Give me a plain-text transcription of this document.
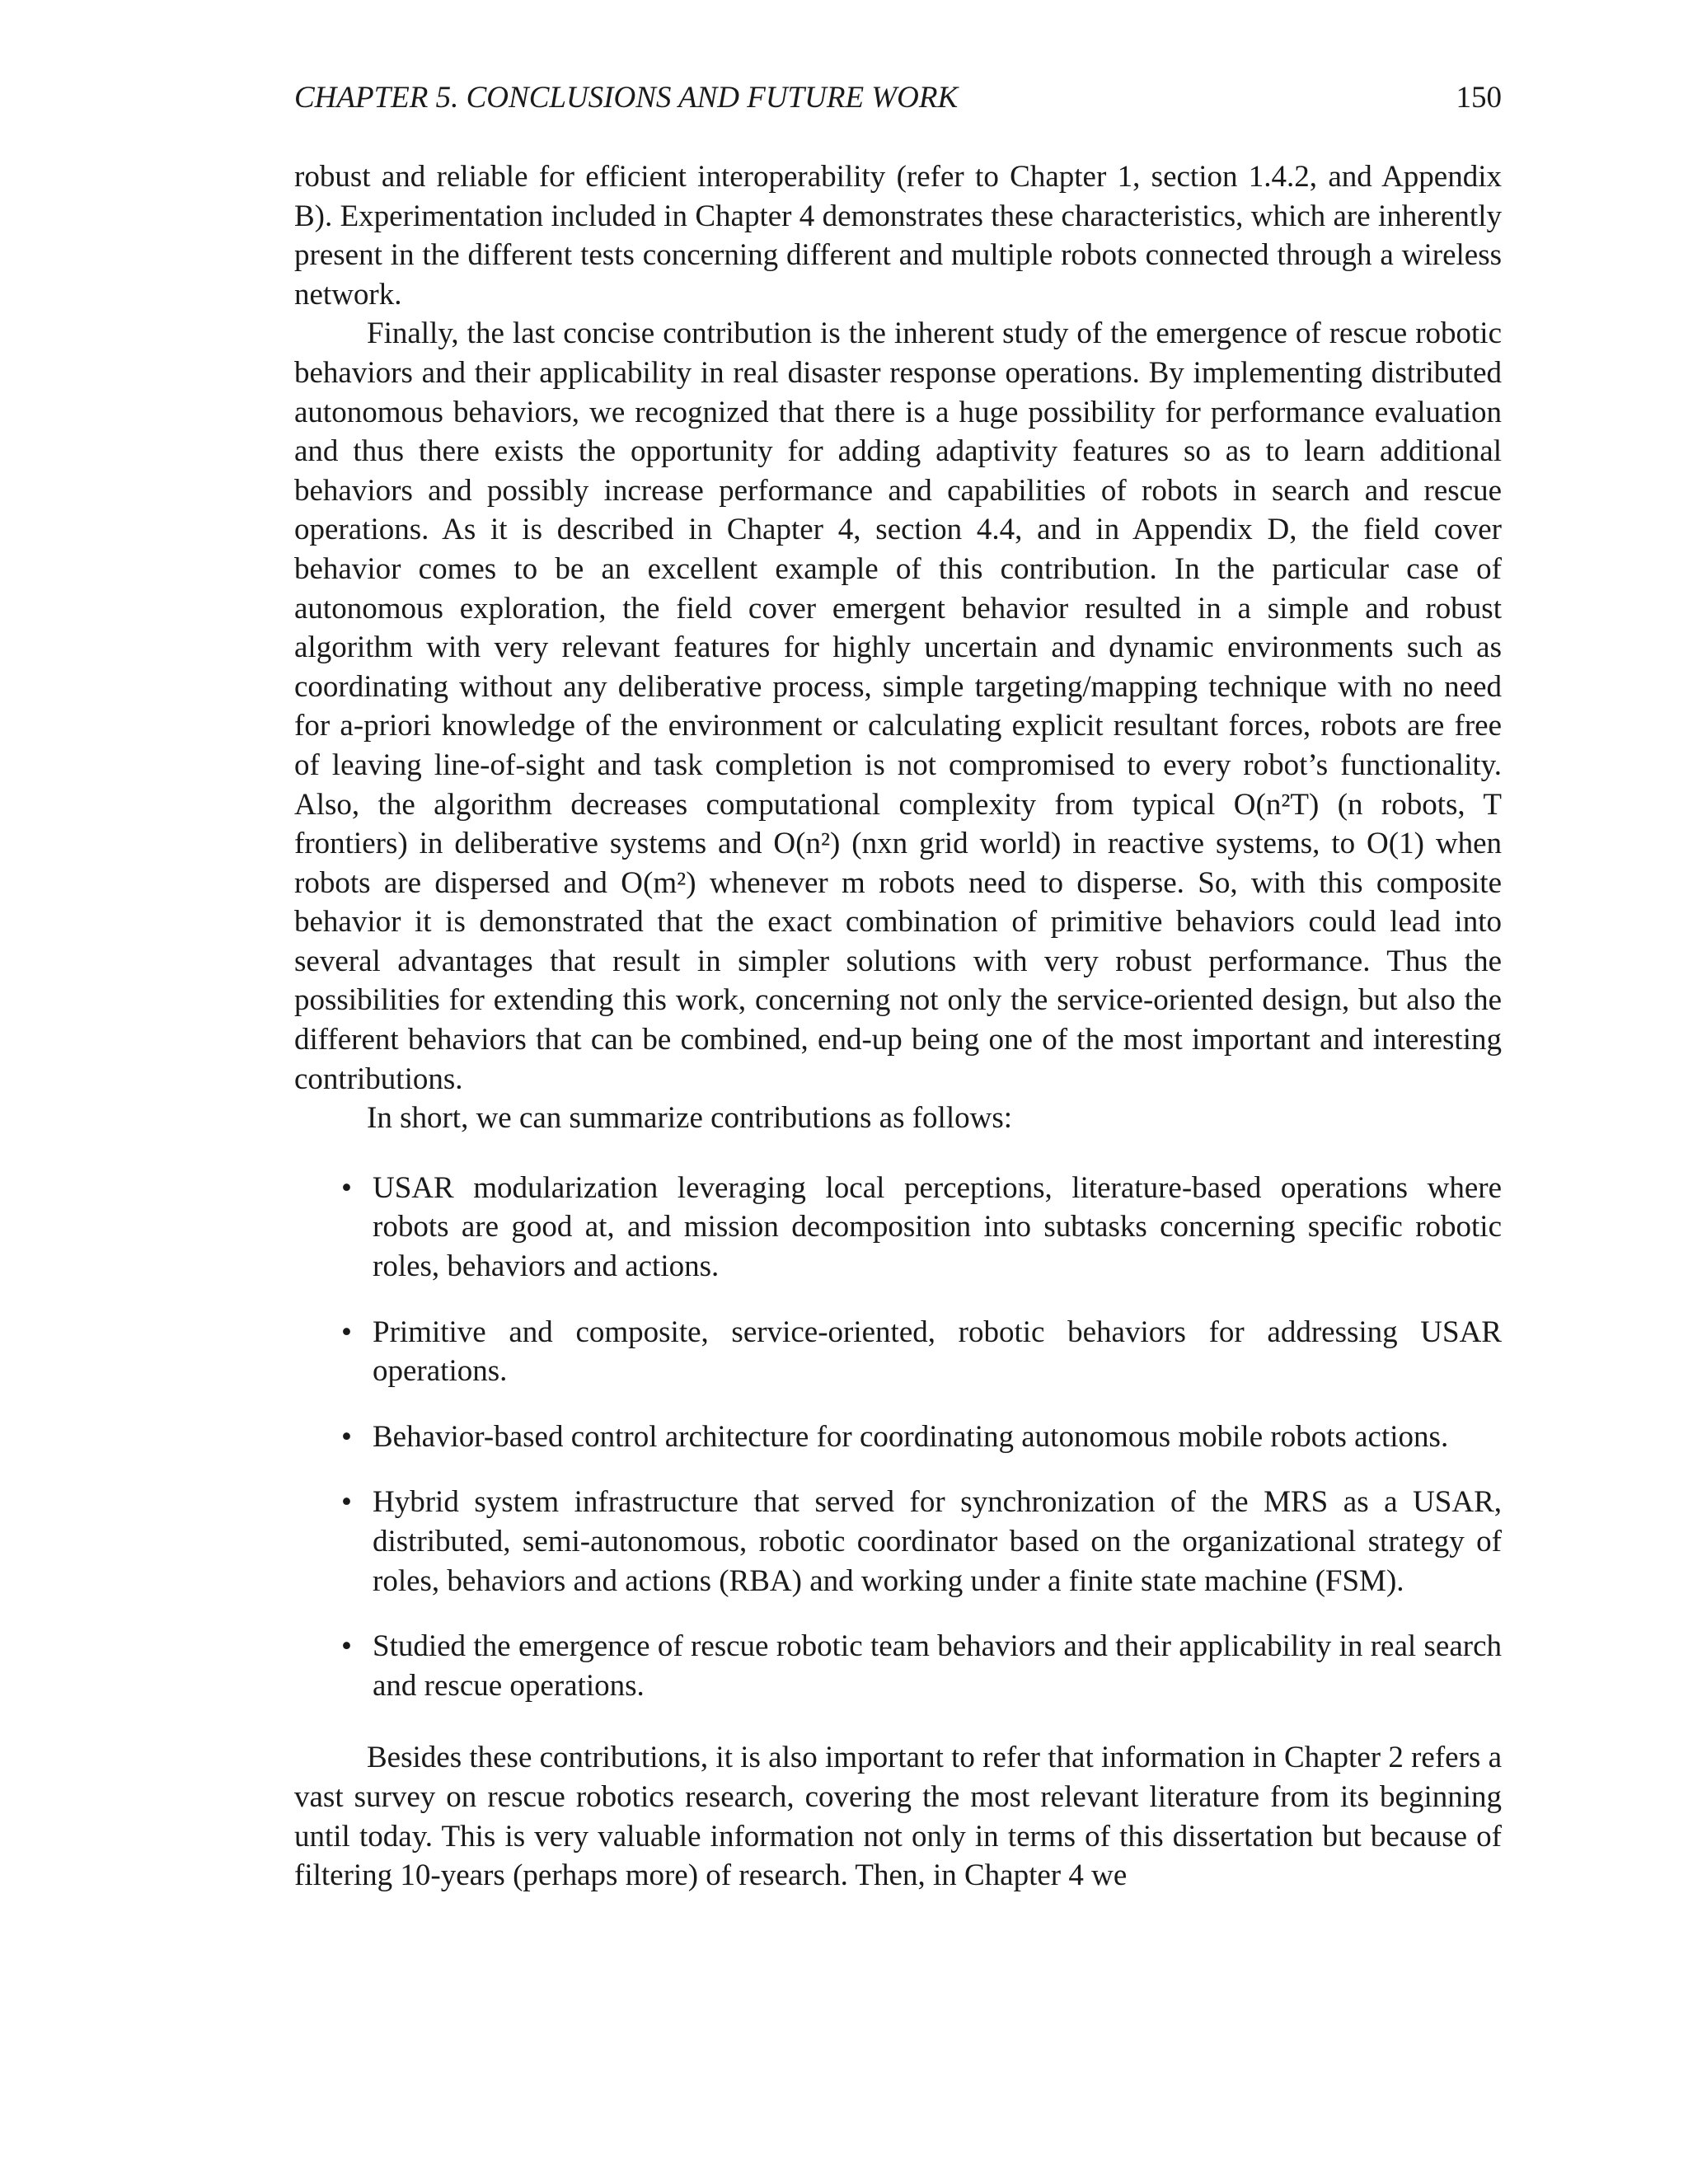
CHAPTER 5. CONCLUSIONS AND FUTURE WORK	150

robust and reliable for efficient interoperability (refer to Chapter 1, section 1.4.2, and Appendix B). Experimentation included in Chapter 4 demonstrates these characteristics, which are inherently present in the different tests concerning different and multiple robots connected through a wireless network.

Finally, the last concise contribution is the inherent study of the emergence of rescue robotic behaviors and their applicability in real disaster response operations. By implementing distributed autonomous behaviors, we recognized that there is a huge possibility for performance evaluation and thus there exists the opportunity for adding adaptivity features so as to learn additional behaviors and possibly increase performance and capabilities of robots in search and rescue operations. As it is described in Chapter 4, section 4.4, and in Appendix D, the field cover behavior comes to be an excellent example of this contribution. In the particular case of autonomous exploration, the field cover emergent behavior resulted in a simple and robust algorithm with very relevant features for highly uncertain and dynamic environments such as coordinating without any deliberative process, simple targeting/mapping technique with no need for a-priori knowledge of the environment or calculating explicit resultant forces, robots are free of leaving line-of-sight and task completion is not compromised to every robot’s functionality. Also, the algorithm decreases computational complexity from typical O(n²T) (n robots, T frontiers) in deliberative systems and O(n²) (nxn grid world) in reactive systems, to O(1) when robots are dispersed and O(m²) whenever m robots need to disperse. So, with this composite behavior it is demonstrated that the exact combination of primitive behaviors could lead into several advantages that result in simpler solutions with very robust performance. Thus the possibilities for extending this work, concerning not only the service-oriented design, but also the different behaviors that can be combined, end-up being one of the most important and interesting contributions.

In short, we can summarize contributions as follows:

• USAR modularization leveraging local perceptions, literature-based operations where robots are good at, and mission decomposition into subtasks concerning specific robotic roles, behaviors and actions.
• Primitive and composite, service-oriented, robotic behaviors for addressing USAR operations.
• Behavior-based control architecture for coordinating autonomous mobile robots actions.
• Hybrid system infrastructure that served for synchronization of the MRS as a USAR, distributed, semi-autonomous, robotic coordinator based on the organizational strategy of roles, behaviors and actions (RBA) and working under a finite state machine (FSM).
• Studied the emergence of rescue robotic team behaviors and their applicability in real search and rescue operations.

Besides these contributions, it is also important to refer that information in Chapter 2 refers a vast survey on rescue robotics research, covering the most relevant literature from its beginning until today. This is very valuable information not only in terms of this dissertation but because of filtering 10-years (perhaps more) of research. Then, in Chapter 4 we
